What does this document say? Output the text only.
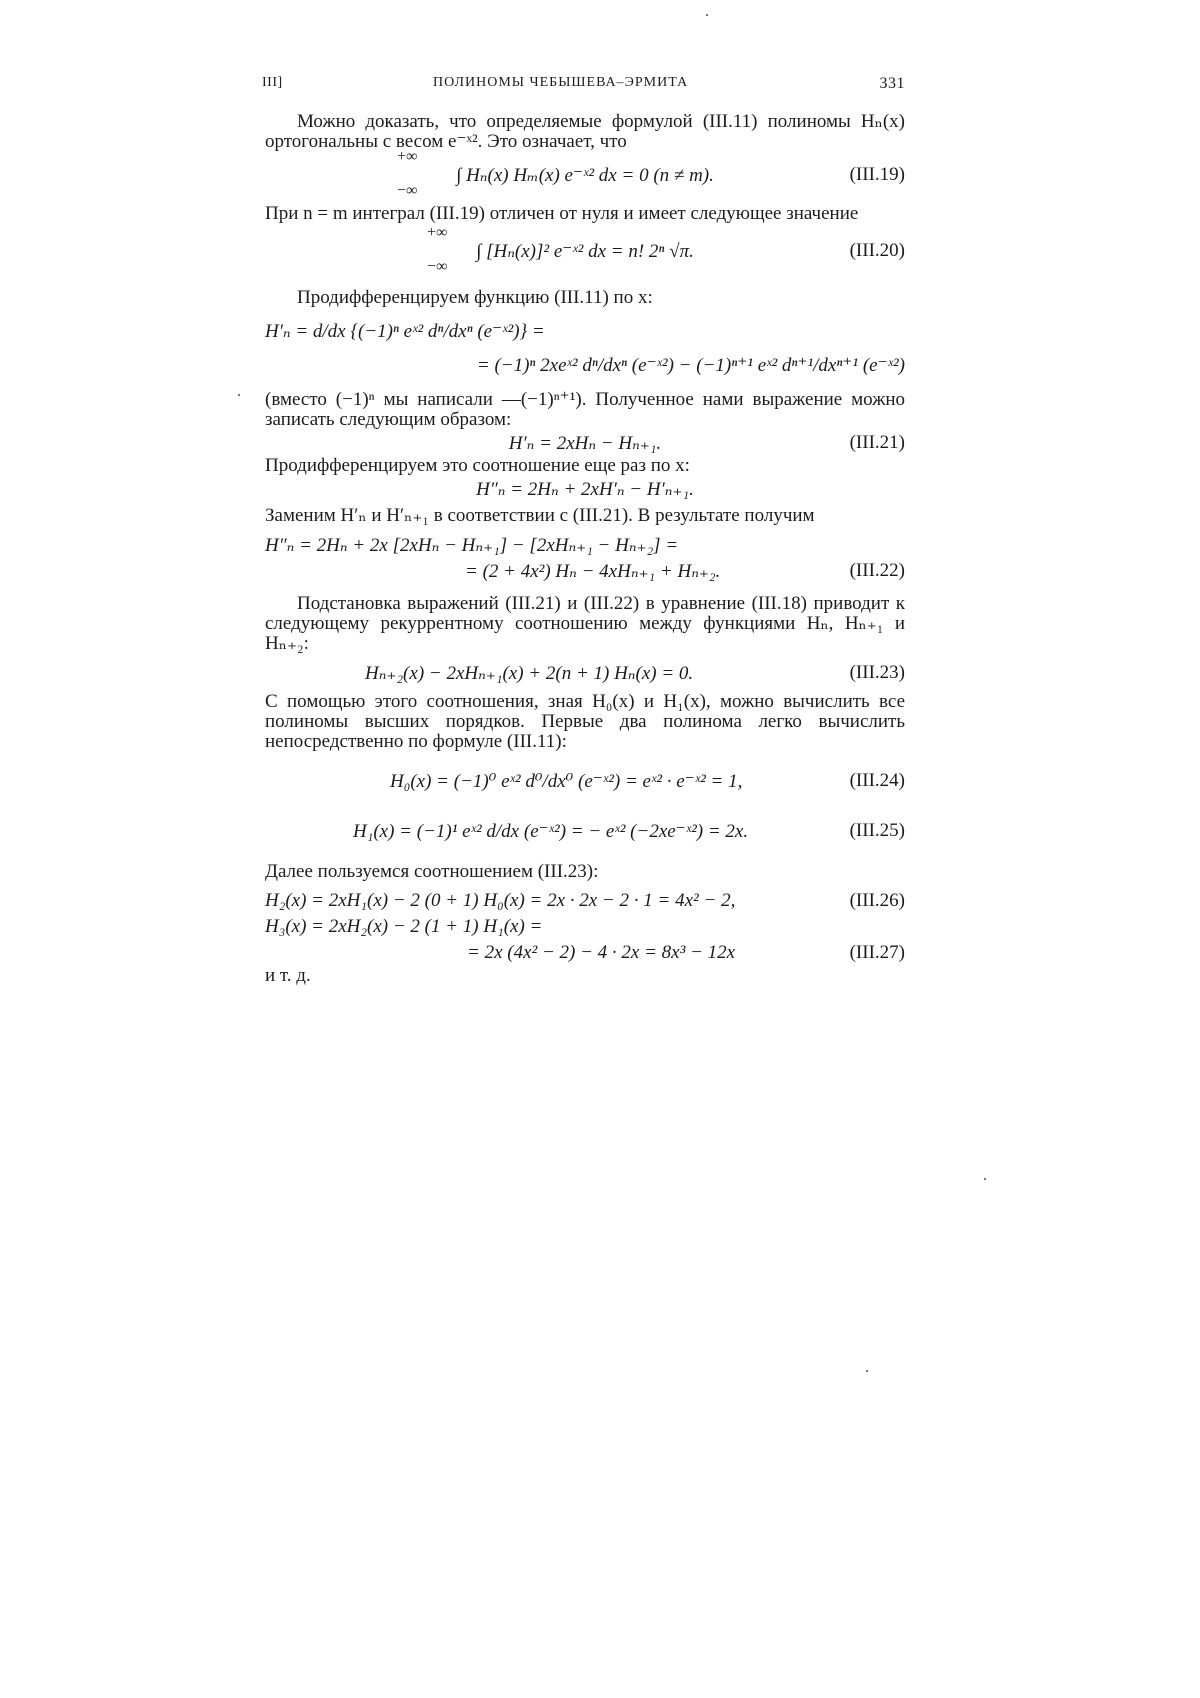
III]	ПОЛИНОМЫ ЧЕБЫШЕВА–ЭРМИТА	331

Можно доказать, что определяемые формулой (III.11) полиномы Hₙ(x) ортогональны с весом e⁻ˣ². Это означает, что

+∞
∫ Hₙ(x) Hₘ(x) e⁻ˣ² dx = 0 (n ≠ m).
−∞
(III.19)

При n = m интеграл (III.19) отличен от нуля и имеет следующее значение

+∞
∫ [Hₙ(x)]² e⁻ˣ² dx = n! 2ⁿ √π.
−∞
(III.20)

Продифференцируем функцию (III.11) по x:

H′ₙ = d/dx {(−1)ⁿ eˣ² dⁿ/dxⁿ (e⁻ˣ²)} =
= (−1)ⁿ 2xeˣ² dⁿ/dxⁿ (e⁻ˣ²) − (−1)ⁿ⁺¹ eˣ² dⁿ⁺¹/dxⁿ⁺¹ (e⁻ˣ²)

(вместо (−1)ⁿ мы написали —(−1)ⁿ⁺¹). Полученное нами выражение можно записать следующим образом:

H′ₙ = 2xHₙ − Hₙ₊₁.	(III.21)

Продифференцируем это соотношение еще раз по x:

H″ₙ = 2Hₙ + 2xH′ₙ − H′ₙ₊₁.

Заменим H′ₙ и H′ₙ₊₁ в соответствии с (III.21). В результате получим

H″ₙ = 2Hₙ + 2x [2xHₙ − Hₙ₊₁] − [2xHₙ₊₁ − Hₙ₊₂] =
= (2 + 4x²) Hₙ − 4xHₙ₊₁ + Hₙ₊₂.	(III.22)

Подстановка выражений (III.21) и (III.22) в уравнение (III.18) приводит к следующему рекуррентному соотношению между функциями Hₙ, Hₙ₊₁ и Hₙ₊₂:

Hₙ₊₂(x) − 2xHₙ₊₁(x) + 2(n + 1) Hₙ(x) = 0.	(III.23)

С помощью этого соотношения, зная H₀(x) и H₁(x), можно вычислить все полиномы высших порядков. Первые два полинома легко вычислить непосредственно по формуле (III.11):

H₀(x) = (−1)⁰ eˣ² d⁰/dx⁰ (e⁻ˣ²) = eˣ² · e⁻ˣ² = 1,	(III.24)
H₁(x) = (−1)¹ eˣ² d/dx (e⁻ˣ²) = − eˣ² (−2xe⁻ˣ²) = 2x.	(III.25)

Далее пользуемся соотношением (III.23):

H₂(x) = 2xH₁(x) − 2 (0 + 1) H₀(x) = 2x · 2x − 2 · 1 = 4x² − 2,	(III.26)
H₃(x) = 2xH₂(x) − 2 (1 + 1) H₁(x) =
= 2x (4x² − 2) − 4 · 2x = 8x³ − 12x	(III.27)

и т. д.
